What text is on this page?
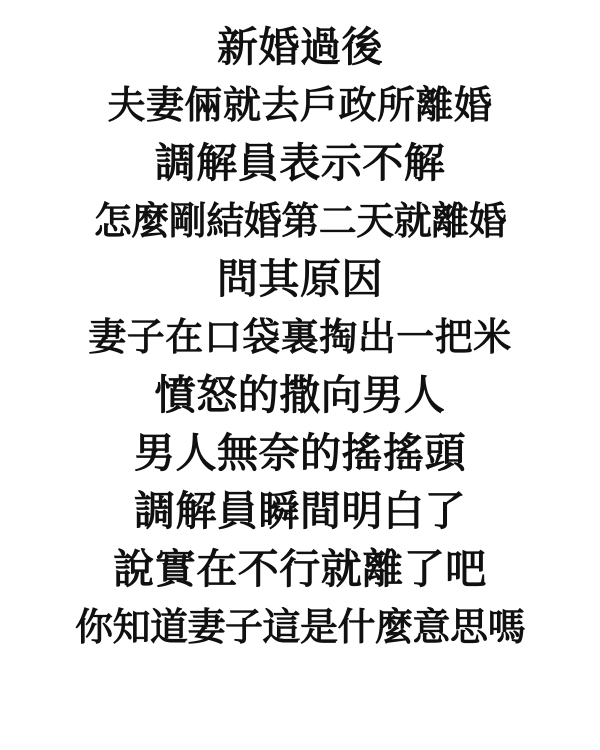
新婚過後
夫妻倆就去戶政所離婚
調解員表示不解
怎麼剛結婚第二天就離婚
問其原因
妻子在口袋裏掏出一把米
憤怒的撒向男人
男人無奈的搖搖頭
調解員瞬間明白了
說實在不行就離了吧
你知道妻子這是什麼意思嗎
